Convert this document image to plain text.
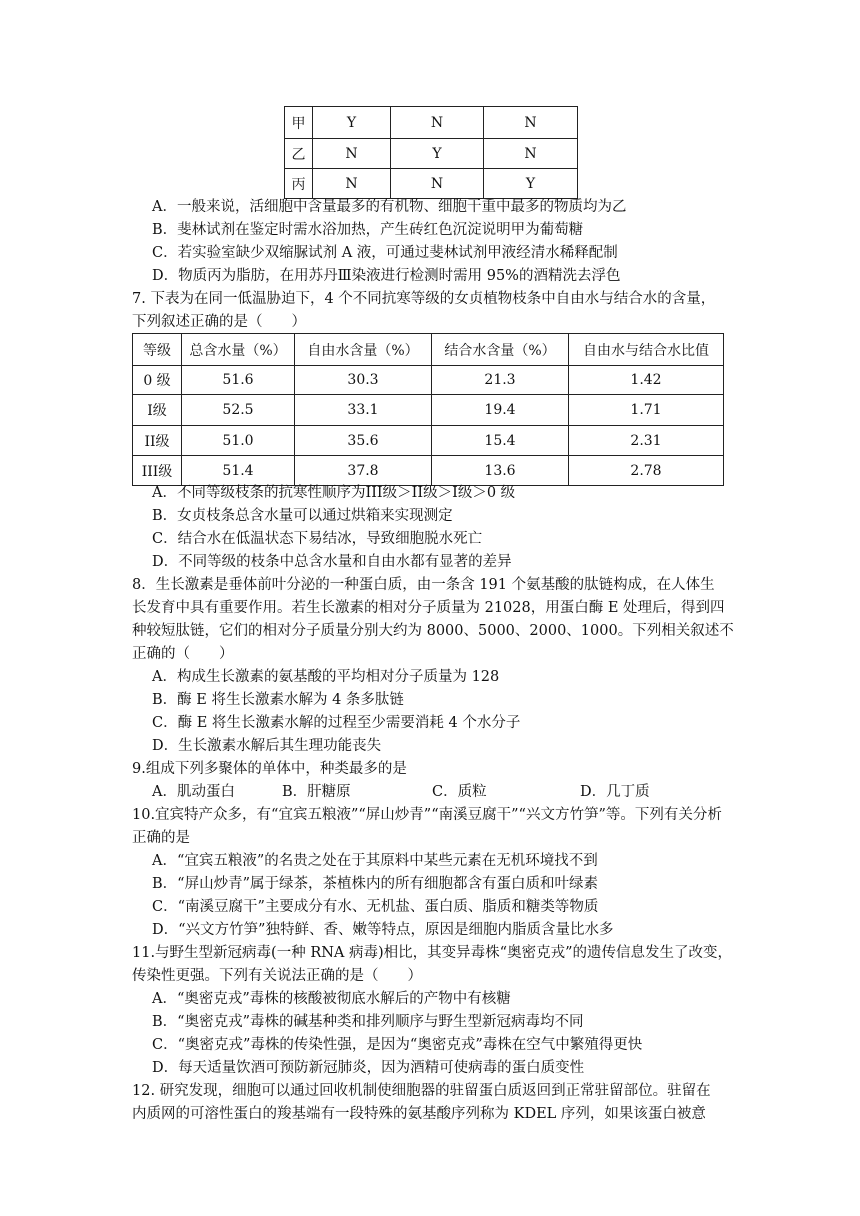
甲	Y	N	N
乙	N	Y	N
丙	N	N	Y
A．一般来说，活细胞中含量最多的有机物、细胞干重中最多的物质均为乙
B．斐林试剂在鉴定时需水浴加热，产生砖红色沉淀说明甲为葡萄糖
C．若实验室缺少双缩脲试剂 A 液，可通过斐林试剂甲液经清水稀释配制
D．物质丙为脂肪，在用苏丹Ⅲ染液进行检测时需用 95%的酒精洗去浮色
7. 下表为在同一低温胁迫下，4 个不同抗寒等级的女贞植物枝条中自由水与结合水的含量，
下列叙述正确的是（　　）
等级	总含水量（%）	自由水含量（%）	结合水含量（%）	自由水与结合水比值
0 级	51.6	30.3	21.3	1.42
I级	52.5	33.1	19.4	1.71
II级	51.0	35.6	15.4	2.31
III级	51.4	37.8	13.6	2.78
A．不同等级枝条的抗寒性顺序为III级＞II级＞I级＞0 级
B．女贞枝条总含水量可以通过烘箱来实现测定
C．结合水在低温状态下易结冰，导致细胞脱水死亡
D．不同等级的枝条中总含水量和自由水都有显著的差异
8．生长激素是垂体前叶分泌的一种蛋白质，由一条含 191 个氨基酸的肽链构成，在人体生
长发育中具有重要作用。若生长激素的相对分子质量为 21028，用蛋白酶 E 处理后，得到四
种较短肽链，它们的相对分子质量分别大约为 8000、5000、2000、1000。下列相关叙述不
正确的（　　）
A．构成生长激素的氨基酸的平均相对分子质量为 128
B．酶 E 将生长激素水解为 4 条多肽链
C．酶 E 将生长激素水解的过程至少需要消耗 4 个水分子
D．生长激素水解后其生理功能丧失
9.组成下列多聚体的单体中，种类最多的是
A．肌动蛋白	B．肝糖原	C．质粒	D．几丁质
10.宜宾特产众多，有“宜宾五粮液”“屏山炒青”“南溪豆腐干”“兴文方竹笋”等。下列有关分析
正确的是
A．“宜宾五粮液”的名贵之处在于其原料中某些元素在无机环境找不到
B．“屏山炒青”属于绿茶，茶植株内的所有细胞都含有蛋白质和叶绿素
C．“南溪豆腐干”主要成分有水、无机盐、蛋白质、脂质和糖类等物质
D．“兴文方竹笋”独特鲜、香、嫩等特点，原因是细胞内脂质含量比水多
11.与野生型新冠病毒(一种 RNA 病毒)相比，其变异毒株“奥密克戎”的遗传信息发生了改变，
传染性更强。下列有关说法正确的是（　　）
A．“奥密克戎”毒株的核酸被彻底水解后的产物中有核糖
B．“奥密克戎”毒株的碱基种类和排列顺序与野生型新冠病毒均不同
C．“奥密克戎”毒株的传染性强，是因为“奥密克戎”毒株在空气中繁殖得更快
D．每天适量饮酒可预防新冠肺炎，因为酒精可使病毒的蛋白质变性
12. 研究发现，细胞可以通过回收机制使细胞器的驻留蛋白质返回到正常驻留部位。驻留在
内质网的可溶性蛋白的羧基端有一段特殊的氨基酸序列称为 KDEL 序列，如果该蛋白被意
